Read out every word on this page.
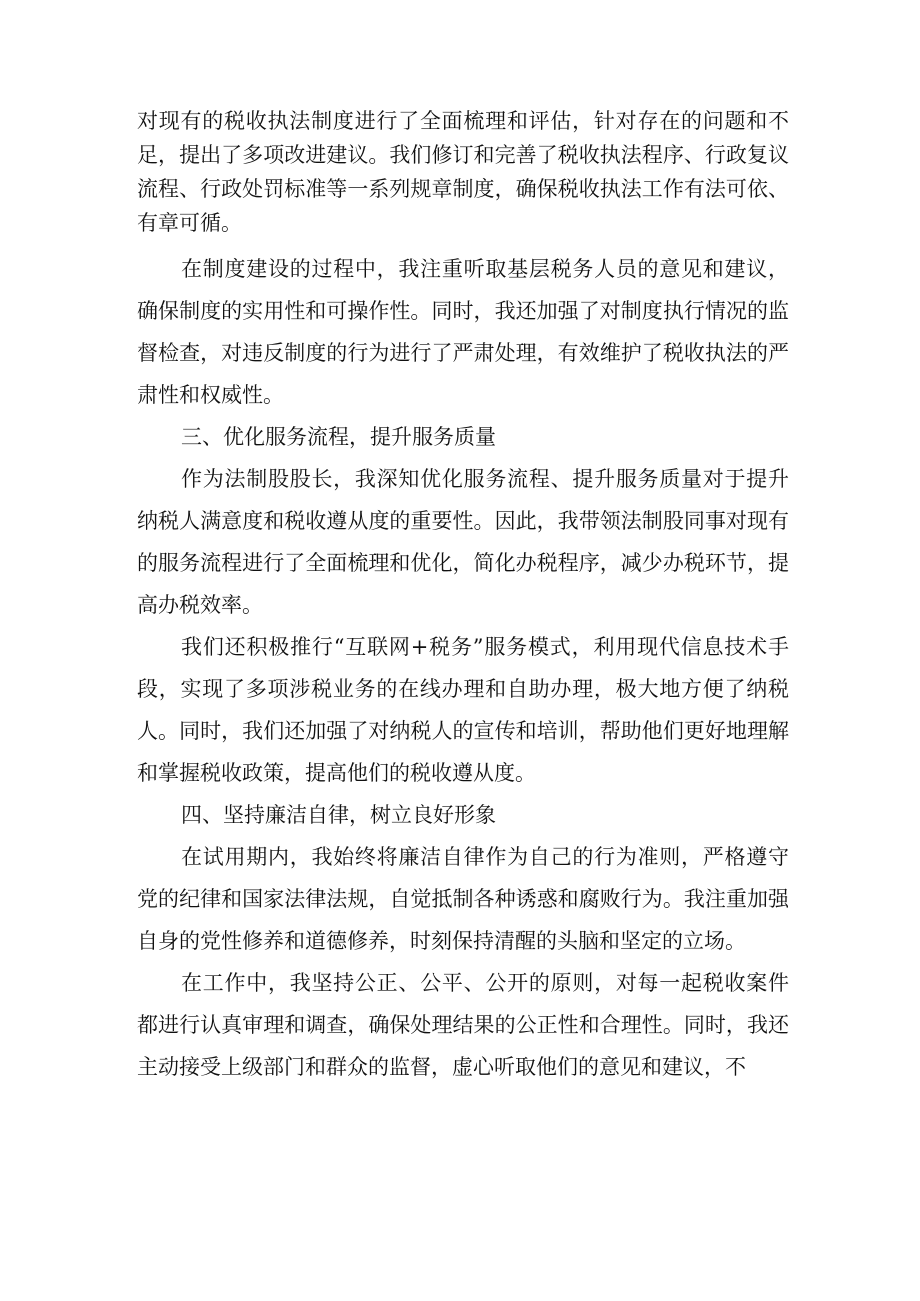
对现有的税收执法制度进行了全面梳理和评估，针对存在的问题和不足，提出了多项改进建议。我们修订和完善了税收执法程序、行政复议流程、行政处罚标准等一系列规章制度，确保税收执法工作有法可依、有章可循。

在制度建设的过程中，我注重听取基层税务人员的意见和建议，确保制度的实用性和可操作性。同时，我还加强了对制度执行情况的监督检查，对违反制度的行为进行了严肃处理，有效维护了税收执法的严肃性和权威性。

三、优化服务流程，提升服务质量

作为法制股股长，我深知优化服务流程、提升服务质量对于提升纳税人满意度和税收遵从度的重要性。因此，我带领法制股同事对现有的服务流程进行了全面梳理和优化，简化办税程序，减少办税环节，提高办税效率。

我们还积极推行“互联网+税务”服务模式，利用现代信息技术手段，实现了多项涉税业务的在线办理和自助办理，极大地方便了纳税人。同时，我们还加强了对纳税人的宣传和培训，帮助他们更好地理解和掌握税收政策，提高他们的税收遵从度。

四、坚持廉洁自律，树立良好形象

在试用期内，我始终将廉洁自律作为自己的行为准则，严格遵守党的纪律和国家法律法规，自觉抵制各种诱惑和腐败行为。我注重加强自身的党性修养和道德修养，时刻保持清醒的头脑和坚定的立场。

在工作中，我坚持公正、公平、公开的原则，对每一起税收案件都进行认真审理和调查，确保处理结果的公正性和合理性。同时，我还主动接受上级部门和群众的监督，虚心听取他们的意见和建议，不
